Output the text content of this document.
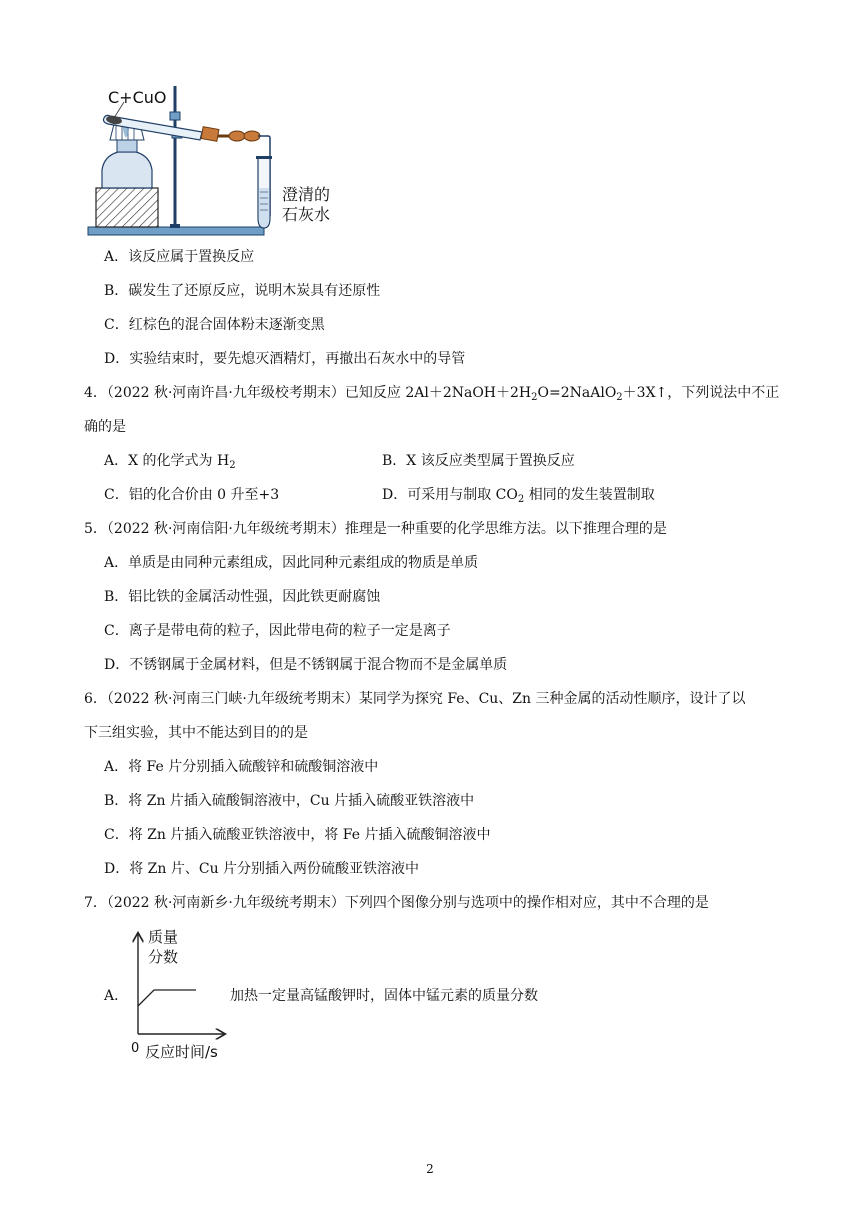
C+CuO
澄清的
石灰水
A．该反应属于置换反应
B．碳发生了还原反应，说明木炭具有还原性
C．红棕色的混合固体粉末逐渐变黑
D．实验结束时，要先熄灭酒精灯，再撤出石灰水中的导管
4．（2022 秋·河南许昌·九年级校考期末）已知反应 $2Al+2NaOH+2H_2O=2NaAlO_2+3X↑$，下列说法中不正
确的是
A．X 的化学式为 $H_2$	B．X 该反应类型属于置换反应
C．铝的化合价由 0 升至+3	D．可采用与制取 $CO_2$ 相同的发生装置制取
5．（2022 秋·河南信阳·九年级统考期末）推理是一种重要的化学思维方法。以下推理合理的是
A．单质是由同种元素组成，因此同种元素组成的物质是单质
B．铝比铁的金属活动性强，因此铁更耐腐蚀
C．离子是带电荷的粒子，因此带电荷的粒子一定是离子
D．不锈钢属于金属材料，但是不锈钢属于混合物而不是金属单质
6．（2022 秋·河南三门峡·九年级统考期末）某同学为探究 Fe、Cu、Zn 三种金属的活动性顺序，设计了以
下三组实验，其中不能达到目的的是
A．将 Fe 片分别插入硫酸锌和硫酸铜溶液中
B．将 Zn 片插入硫酸铜溶液中，Cu 片插入硫酸亚铁溶液中
C．将 Zn 片插入硫酸亚铁溶液中，将 Fe 片插入硫酸铜溶液中
D．将 Zn 片、Cu 片分别插入两份硫酸亚铁溶液中
7．（2022 秋·河南新乡·九年级统考期末）下列四个图像分别与选项中的操作相对应，其中不合理的是
A．
质量
分数
0 反应时间/s
加热一定量高锰酸钾时，固体中锰元素的质量分数
2
